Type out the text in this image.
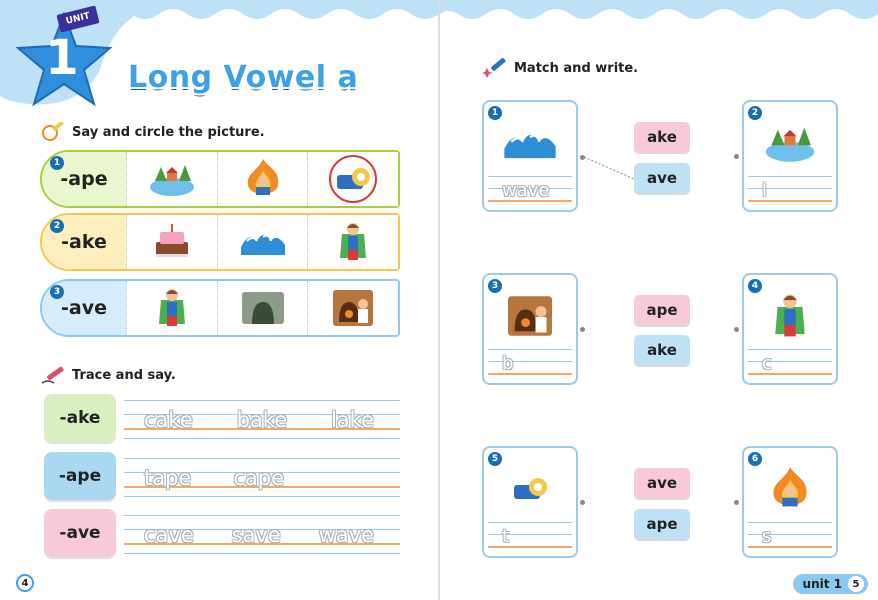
UNIT
1 Long Vowel a
Say and circle the picture.
1
-ape
2
-ake
3
-ave
Trace and say.
-ake	cake bake lake
-ape	tape cape
-ave	cave save wave
4
Match and write.
1
wave
ake
ave
2
l
3
b
ape
ake
4
c
5
t
ave
ape
6
s
unit 1	5
